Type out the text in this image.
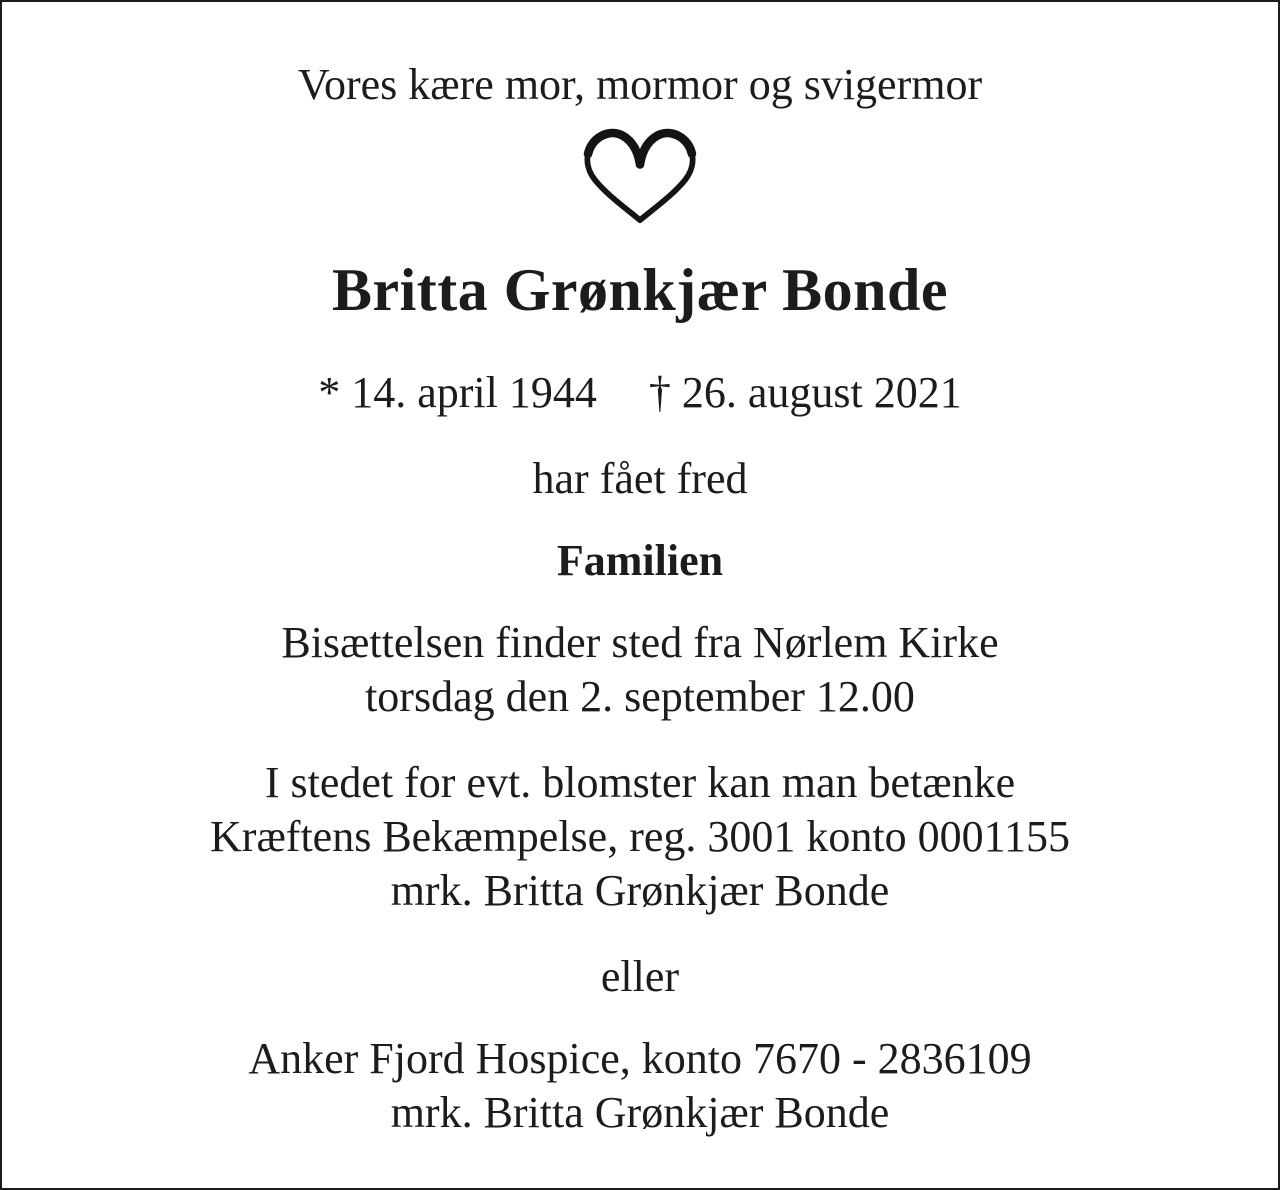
Vores kære mor, mormor og svigermor

Britta Grønkjær Bonde
* 14. april 1944 † 26. august 2021

har fået fred

Familien

Bisættelsen finder sted fra Nørlem Kirke

torsdag den 2. september 12.00

I stedet for evt. blomster kan man betænke

Kræftens Bekæmpelse, reg. 3001 konto 0001155

mrk. Britta Grønkjær Bonde

eller

Anker Fjord Hospice, konto 7670 - 2836109

mrk. Britta Grønkjær Bonde
